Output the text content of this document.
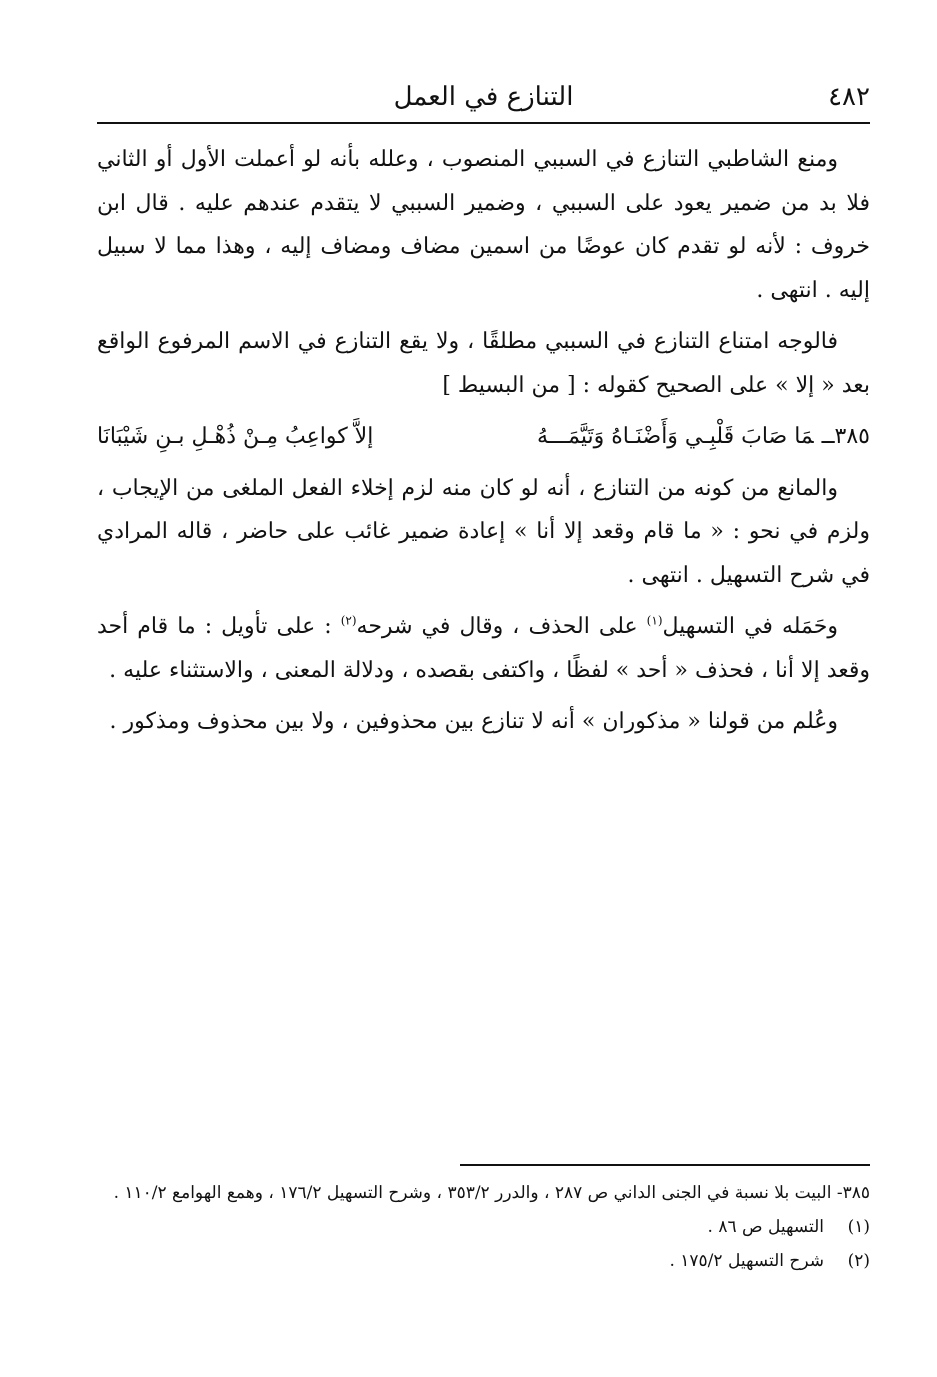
٤٨٢
التنازع في العمل

ومنع الشاطبي التنازع في السببي المنصوب ، وعلله بأنه لو أعملت الأول أو الثاني فلا بد من ضمير يعود على السببي ، وضمير السببي لا يتقدم عندهم عليه . قال ابن خروف : لأنه لو تقدم كان عوضًا من اسمين مضاف ومضاف إليه ، وهذا مما لا سبيل إليه . انتهى .

فالوجه امتناع التنازع في السببي مطلقًا ، ولا يقع التنازع في الاسم المرفوع الواقع بعد « إلا » على الصحيح كقوله : [ من البسيط ]

٣٨٥ــمَا صَابَ قَلْبِـي وَأَضْنَـاهُ وَتَيَّمَـــهُ
إلاَّ كواعِبُ مِـنْ ذُهْـلِ بـنِ شَيْبَانَا

والمانع من كونه من التنازع ، أنه لو كان منه لزم إخلاء الفعل الملغى من الإيجاب ، ولزم في نحو : « ما قام وقعد إلا أنا » إعادة ضمير غائب على حاضر ، قاله المرادي في شرح التسهيل . انتهى .

وحَمَله في التسهيل$^{(١)}$ على الحذف ، وقال في شرحه$^{(٢)}$ : على تأويل : ما قام أحد وقعد إلا أنا ، فحذف « أحد » لفظًا ، واكتفى بقصده ، ودلالة المعنى ، والاستثناء عليه .

وعُلم من قولنا « مذكوران » أنه لا تنازع بين محذوفين ، ولا بين محذوف ومذكور .

٣٨٥- البيت بلا نسبة في الجنى الداني ص ٢٨٧ ، والدرر ٣٥٣/٢ ، وشرح التسهيل ١٧٦/٢ ، وهمع الهوامع ١١٠/٢ .

(١)التسهيل ص ٨٦ .

(٢)شرح التسهيل ١٧٥/٢ .
